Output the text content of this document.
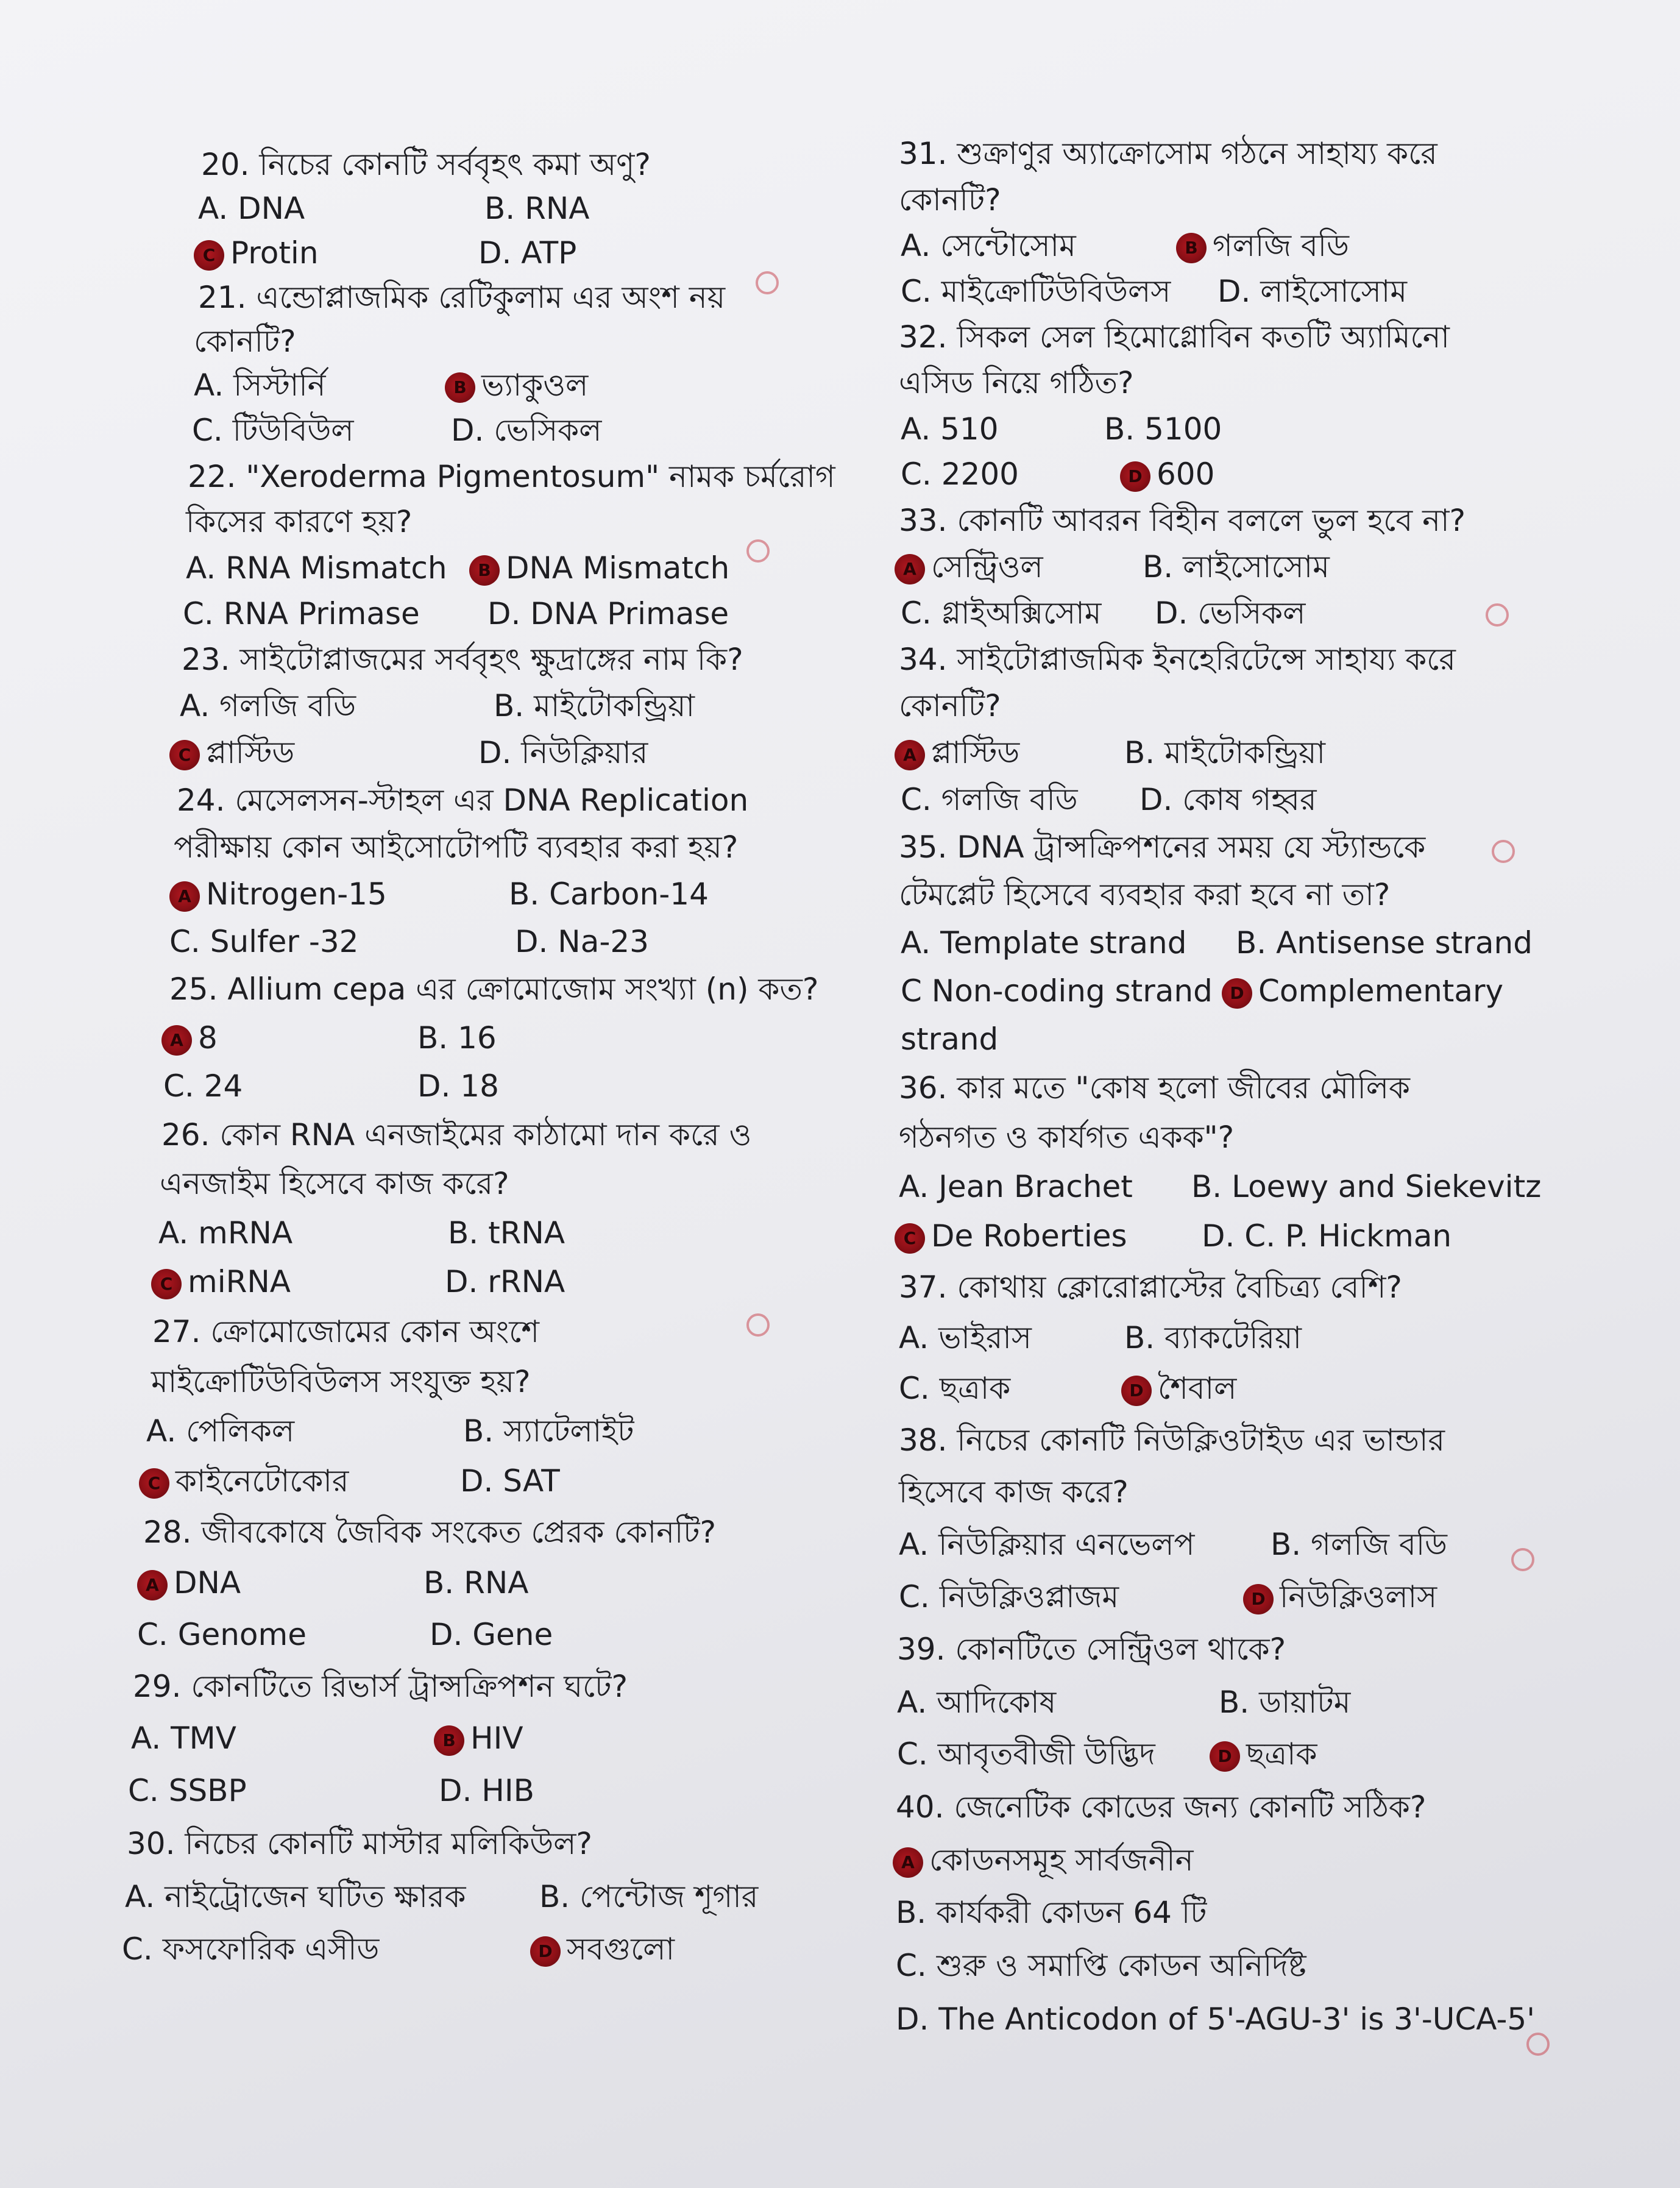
20. নিচের কোনটি সর্ববৃহৎ কমা অণু?
A. DNA	B. RNA
C Protin	D. ATP
21. এন্ডোপ্লাজমিক রেটিকুলাম এর অংশ নয়
কোনটি?
A. সিস্টার্নি	B ভ্যাকুওল
C. টিউবিউল	D. ভেসিকল
22. "Xeroderma Pigmentosum" নামক চর্মরোগ
কিসের কারণে হয়?
A. RNA Mismatch	B DNA Mismatch
C. RNA Primase D. DNA Primase
23. সাইটোপ্লাজমের সর্ববৃহৎ ক্ষুদ্রাঙ্গের নাম কি?
A. গলজি বডি	B. মাইটোকন্ড্রিয়া
C প্লাস্টিড	D. নিউক্লিয়ার
24. মেসেলসন-স্টাহল এর DNA Replication
পরীক্ষায় কোন আইসোটোপটি ব্যবহার করা হয়?
A Nitrogen-15	B. Carbon-14
C. Sulfer -32	D. Na-23
25. Allium cepa এর ক্রোমোজোম সংখ্যা (n) কত?
A 8	B. 16
C. 24	D. 18
26. কোন RNA এনজাইমের কাঠামো দান করে ও
এনজাইম হিসেবে কাজ করে?
A. mRNA	B. tRNA
C miRNA	D. rRNA
27. ক্রোমোজোমের কোন অংশে
মাইক্রোটিউবিউলস সংযুক্ত হয়?
A. পেলিকল	B. স্যাটেলাইট
C কাইনেটোকোর	D. SAT
28. জীবকোষে জৈবিক সংকেত প্রেরক কোনটি?
A DNA	B. RNA
C. Genome	D. Gene
29. কোনটিতে রিভার্স ট্রান্সক্রিপশন ঘটে?
A. TMV	B HIV
C. SSBP	D. HIB
30. নিচের কোনটি মাস্টার মলিকিউল?
A. নাইট্রোজেন ঘটিত ক্ষারক B. পেন্টোজ শূগার
C. ফসফোরিক এসীড	D সবগুলো
31. শুক্রাণুর অ্যাক্রোসোম গঠনে সাহায্য করে
কোনটি?
A. সেন্টোসোম	B গলজি বডি
C. মাইক্রোটিউবিউলস D. লাইসোসোম
32. সিকল সেল হিমোগ্লোবিন কতটি অ্যামিনো
এসিড নিয়ে গঠিত?
A. 510	B. 5100
C. 2200	D 600
33. কোনটি আবরন বিহীন বললে ভুল হবে না?
A সেন্ট্রিওল	B. লাইসোসোম
C. গ্লাইঅক্সিসোম D. ভেসিকল
34. সাইটোপ্লাজমিক ইনহেরিটেন্সে সাহায্য করে
কোনটি?
A প্লাস্টিড	B. মাইটোকন্ড্রিয়া
C. গলজি বডি D. কোষ গহ্বর
35. DNA ট্রান্সক্রিপশনের সময় যে স্ট্যান্ডকে
টেমপ্লেট হিসেবে ব্যবহার করা হবে না তা?
A. Template strand B. Antisense strand
C Non-coding strand	D Complementary
strand
36. কার মতে "কোষ হলো জীবের মৌলিক
গঠনগত ও কার্যগত একক"?
A. Jean Brachet B. Loewy and Siekevitz
C De Roberties D. C. P. Hickman
37. কোথায় ক্লোরোপ্লাস্টের বৈচিত্র্য বেশি?
A. ভাইরাস	B. ব্যাকটেরিয়া
C. ছত্রাক	D শৈবাল
38. নিচের কোনটি নিউক্লিওটাইড এর ভান্ডার
হিসেবে কাজ করে?
A. নিউক্লিয়ার এনভেলপ B. গলজি বডি
C. নিউক্লিওপ্লাজম	D নিউক্লিওলাস
39. কোনটিতে সেন্ট্রিওল থাকে?
A. আদিকোষ	B. ডায়াটম
C. আবৃতবীজী উদ্ভিদ	D ছত্রাক
40. জেনেটিক কোডের জন্য কোনটি সঠিক?
A কোডনসমূহ সার্বজনীন
B. কার্যকরী কোডন 64 টি
C. শুরু ও সমাপ্তি কোডন অনির্দিষ্ট
D. The Anticodon of 5'-AGU-3' is 3'-UCA-5'
